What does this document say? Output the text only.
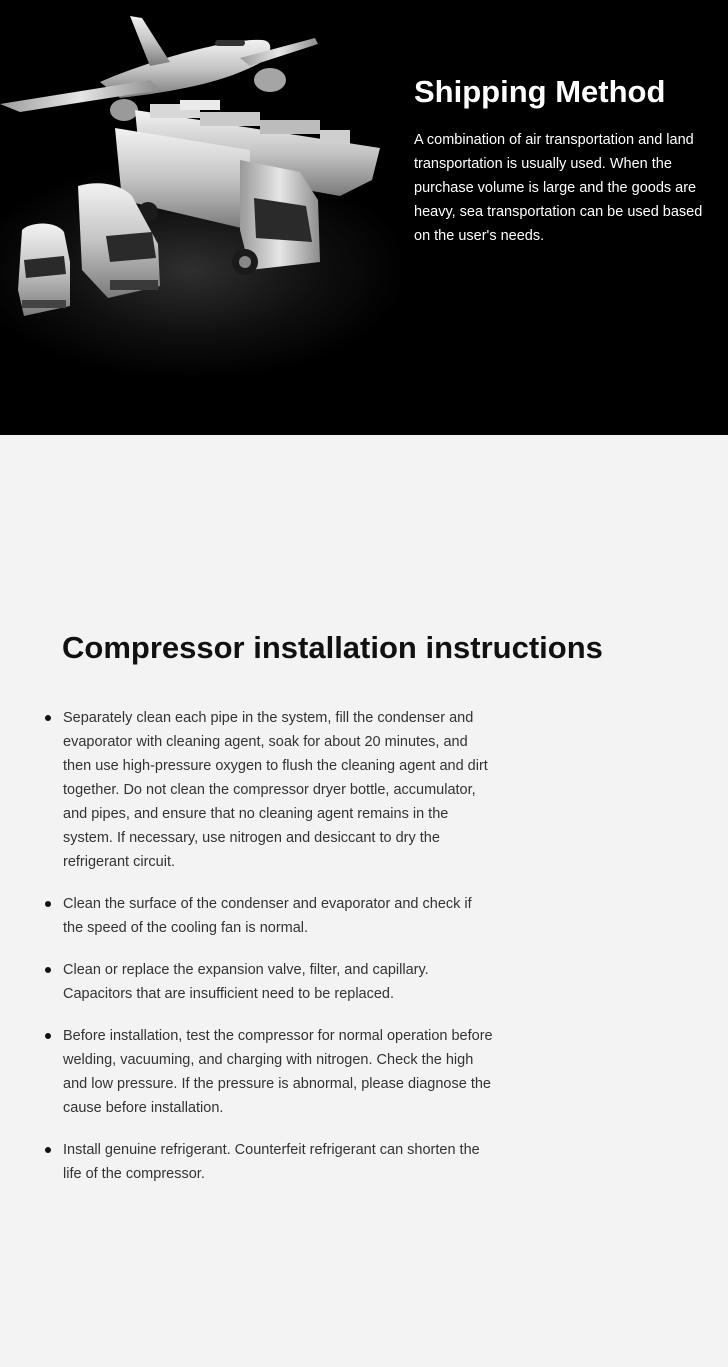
Shipping Method

A combination of air transportation and land transportation is usually used. When the purchase volume is large and the goods are heavy, sea transportation can be used based on the user's needs.

Compressor installation instructions
Separately clean each pipe in the system, fill the condenser and evaporator with cleaning agent, soak for about 20 minutes, and then use high-pressure oxygen to flush the cleaning agent and dirt together. Do not clean the compressor dryer bottle, accumulator, and pipes, and ensure that no cleaning agent remains in the system. If necessary, use nitrogen and desiccant to dry the refrigerant circuit.
Clean the surface of the condenser and evaporator and check if the speed of the cooling fan is normal.
Clean or replace the expansion valve, filter, and capillary. Capacitors that are insufficient need to be replaced.
Before installation, test the compressor for normal operation before welding, vacuuming, and charging with nitrogen. Check the high and low pressure. If the pressure is abnormal, please diagnose the cause before installation.
Install genuine refrigerant. Counterfeit refrigerant can shorten the life of the compressor.
